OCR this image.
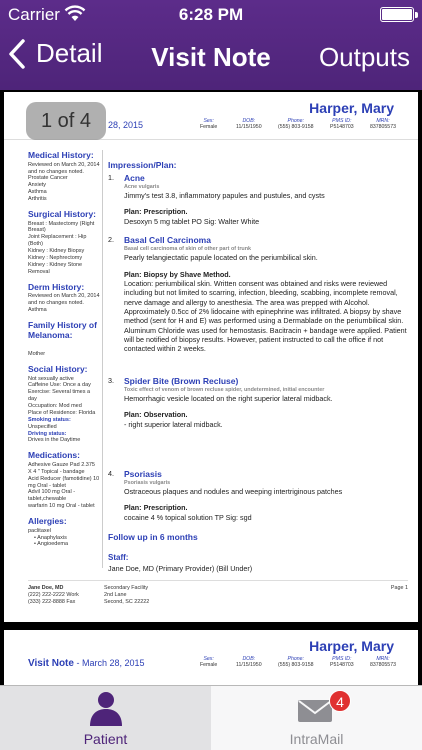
Carrier	6:28 PM
Detail	Visit Note	Outputs
Harper, Mary
28, 2015	Sex:
Female
DOB:
11/15/1950
Phone:
(555) 803-9158
PMS ID:
P5148703
MRN:
837805573
1 of 4
Medical History:
Reviewed on March 20, 2014 and no changes noted.
Prostate Cancer
Anxiety
Asthma
Arthritis
Surgical History:
Breast : Mastectomy (Right Breast)
Joint Replacement : Hip (Both)
Kidney : Kidney Biopsy
Kidney : Nephrectomy
Kidney : Kidney Stone Removal
Derm History:
Reviewed on March 20, 2014 and no changes noted.
Asthma
Family History of Melanoma:
Mother
Social History:
Not sexually active
Caffeine Use: Once a day
Exercise: Several times a day
Occupation: Mod med
Place of Residence: Florida
Smoking status:
Unspecified
Driving status:
Drives in the Daytime
Medications:
Adhesive Gauze Pad 2.375 X 4 " Topical - bandage
Acid Reducer (famotidine) 10 mg Oral - tablet
Advil 100 mg Oral - tablet,chewable
warfarin 10 mg Oral - tablet
Allergies:
paclitaxel
• Anaphylaxis
• Angioedema
Impression/Plan:
1. Acne
Acne vulgaris
Jimmy's test 3.8, inflammatory papules and pustules, and cysts
Plan: Prescription.
Desoxyn 5 mg tablet PO Sig: Walter White
2. Basal Cell Carcinoma
Basal cell carcinoma of skin of other part of trunk
Pearly telangiectatic papule located on the periumbilical skin.
Plan: Biopsy by Shave Method.
Location: periumbilical skin. Written consent was obtained and risks were reviewed including but not limited to scarring, infection, bleeding, scabbing, incomplete removal, nerve damage and allergy to anesthesia. The area was prepped with Alcohol. Approximately 0.5cc of 2% lidocaine with epinephrine was infiltrated. A biopsy by shave method (sent for H and E) was performed using a Dermablade on the periumbilical skin. Aluminum Chloride was used for hemostasis. Bacitracin + bandage were applied. Patient will be notified of biopsy results. However, patient instructed to call the office if not contacted within 2 weeks.
3. Spider Bite (Brown Recluse)
Toxic effect of venom of brown recluse spider, undetermined, initial encounter
Hemorrhagic vesicle located on the right superior lateral midback.
Plan: Observation.
- right superior lateral midback.
4. Psoriasis
Psoriasis vulgaris
Ostraceous plaques and nodules and weeping intertriginous patches
Plan: Prescription.
cocaine 4 % topical solution TP Sig: sgd
Follow up in 6 months
Staff:
Jane Doe, MD (Primary Provider) (Bill Under)
Jane Doe, MD
(222) 222-2222 Work
(333) 222-8888 Fax
Secondary Facility
2nd Lane
Second, SC 22222
Page 1
Harper, Mary
Visit Note - March 28, 2015	Sex:
Female
DOB:
11/15/1950
Phone:
(555) 803-9158
PMS ID:
P5148703
MRN:
837805573
Patient
4
IntraMail
